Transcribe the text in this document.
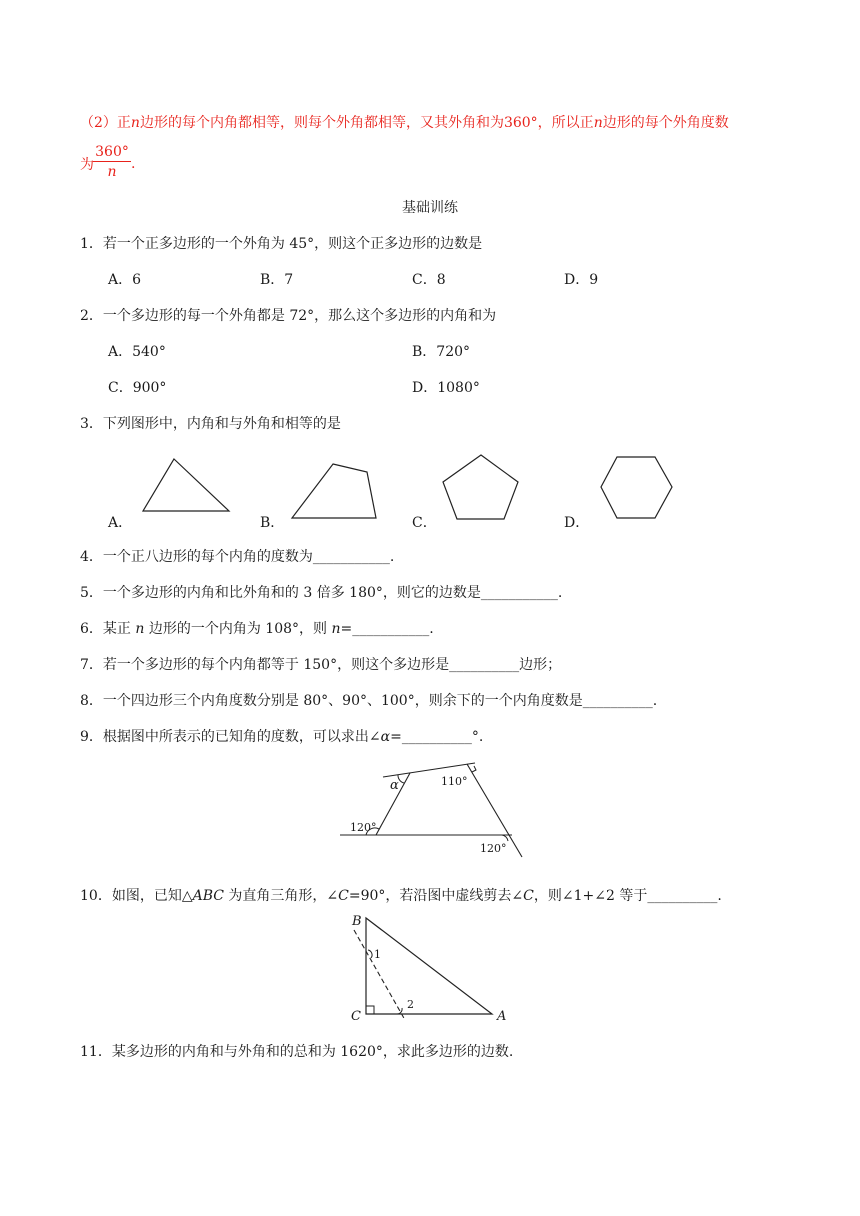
（2）正n边形的每个内角都相等，则每个外角都相等，又其外角和为360°，所以正n边形的每个外角度数
为 $\frac{360^\circ}{n}$ .
基础训练
1．若一个正多边形的一个外角为 45°，则这个正多边形的边数是
A．6	B．7	C．8	D．9
2．一个多边形的每一个外角都是 72°，那么这个多边形的内角和为
A．540°	B．720°
C．900°	D．1080°
3．下列图形中，内角和与外角和相等的是
A．	B．	C．	D．
4．一个正八边形的每个内角的度数为___________.
5．一个多边形的内角和比外角和的 3 倍多 180°，则它的边数是___________.
6．某正 n 边形的一个内角为 108°，则 n=___________.
7．若一个多边形的每个内角都等于 150°，则这个多边形是__________边形；
8．一个四边形三个内角度数分别是 80°、90°、100°，则余下的一个内角度数是__________.
9．根据图中所表示的已知角的度数，可以求出∠α=__________°.
α	110°
120°
120°
10．如图，已知△ABC 为直角三角形，∠C=90°，若沿图中虚线剪去∠C，则∠1+∠2 等于__________.
B
C	A
1
2
11．某多边形的内角和与外角和的总和为 1620°，求此多边形的边数.
